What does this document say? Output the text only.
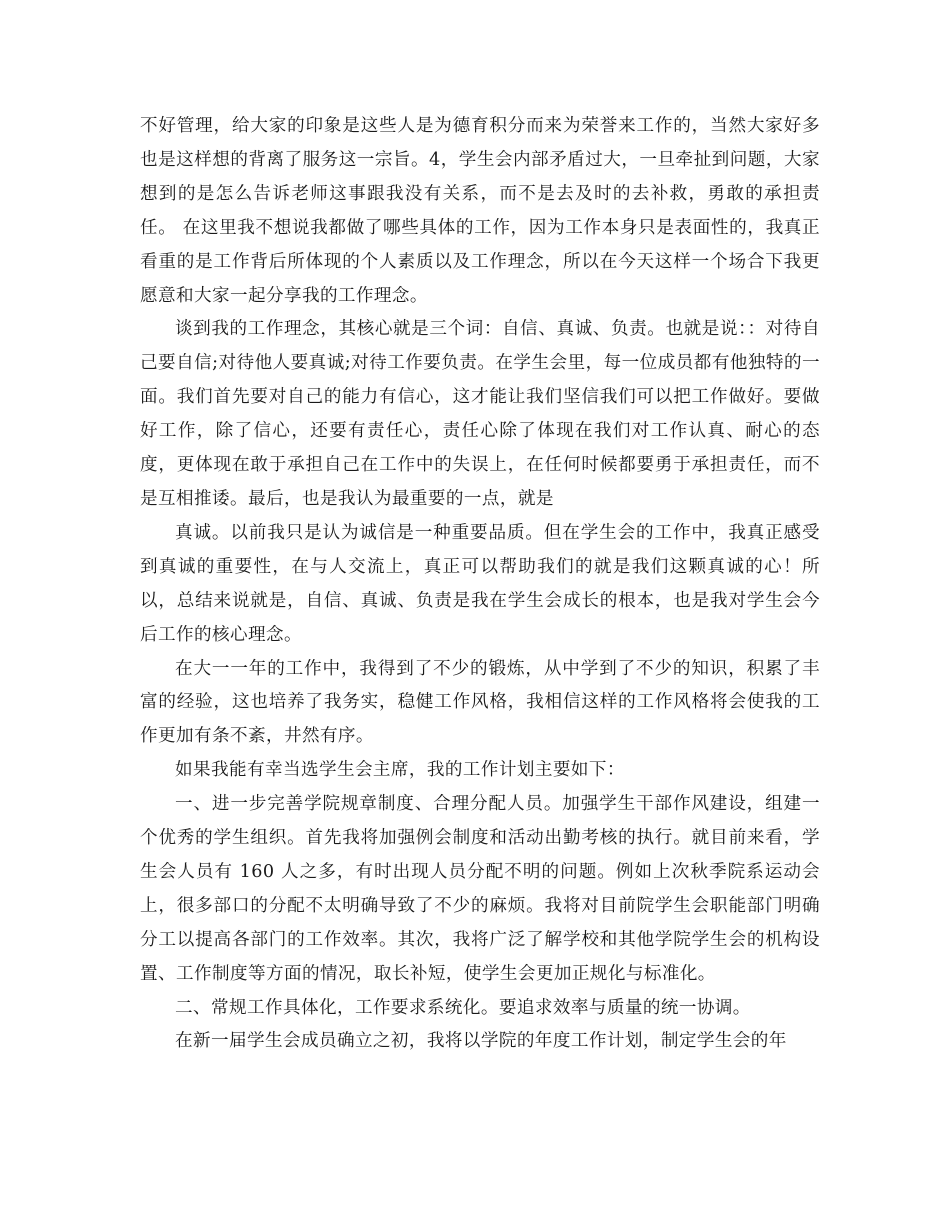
不好管理，给大家的印象是这些人是为德育积分而来为荣誉来工作的，当然大家好多也是这样想的背离了服务这一宗旨。4，学生会内部矛盾过大，一旦牵扯到问题，大家想到的是怎么告诉老师这事跟我没有关系，而不是去及时的去补救，勇敢的承担责任。 在这里我不想说我都做了哪些具体的工作，因为工作本身只是表面性的，我真正看重的是工作背后所体现的个人素质以及工作理念，所以在今天这样一个场合下我更愿意和大家一起分享我的工作理念。

谈到我的工作理念，其核心就是三个词：自信、真诚、负责。也就是说：：对待自己要自信;对待他人要真诚;对待工作要负责。在学生会里，每一位成员都有他独特的一面。我们首先要对自己的能力有信心，这才能让我们坚信我们可以把工作做好。要做好工作，除了信心，还要有责任心，责任心除了体现在我们对工作认真、耐心的态度，更体现在敢于承担自己在工作中的失误上，在任何时候都要勇于承担责任，而不是互相推诿。最后，也是我认为最重要的一点，就是

真诚。以前我只是认为诚信是一种重要品质。但在学生会的工作中，我真正感受到真诚的重要性，在与人交流上，真正可以帮助我们的就是我们这颗真诚的心！所以，总结来说就是，自信、真诚、负责是我在学生会成长的根本，也是我对学生会今后工作的核心理念。

在大一一年的工作中，我得到了不少的锻炼，从中学到了不少的知识，积累了丰富的经验，这也培养了我务实，稳健工作风格，我相信这样的工作风格将会使我的工作更加有条不紊，井然有序。

如果我能有幸当选学生会主席，我的工作计划主要如下：

一、进一步完善学院规章制度、合理分配人员。加强学生干部作风建设，组建一个优秀的学生组织。首先我将加强例会制度和活动出勤考核的执行。就目前来看，学生会人员有 160 人之多，有时出现人员分配不明的问题。例如上次秋季院系运动会上，很多部口的分配不太明确导致了不少的麻烦。我将对目前院学生会职能部门明确分工以提高各部门的工作效率。其次，我将广泛了解学校和其他学院学生会的机构设置、工作制度等方面的情况，取长补短，使学生会更加正规化与标准化。

二、常规工作具体化，工作要求系统化。要追求效率与质量的统一协调。

在新一届学生会成员确立之初，我将以学院的年度工作计划，制定学生会的年
